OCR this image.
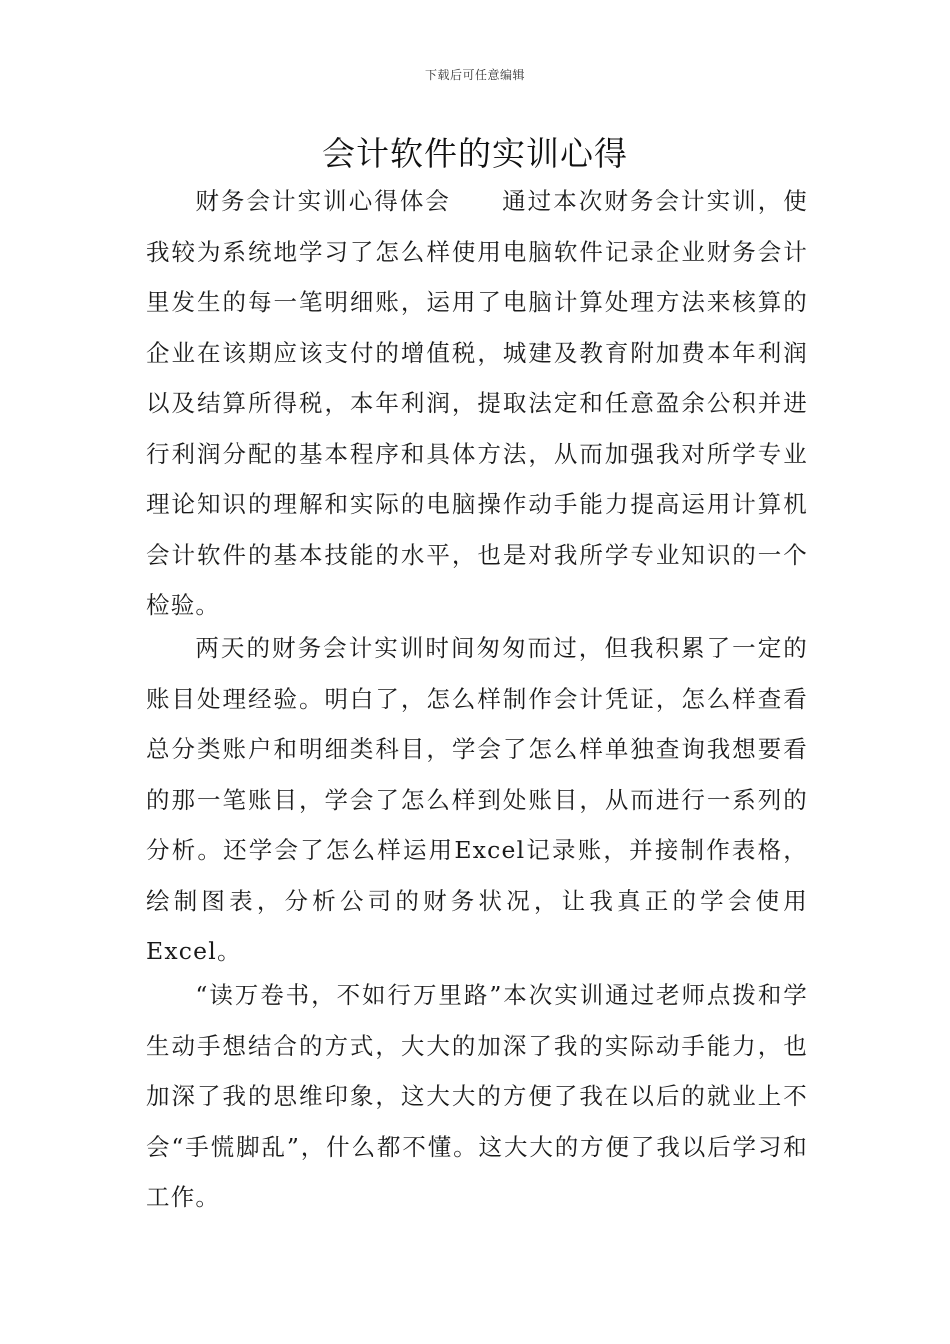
下载后可任意编辑
会计软件的实训心得

财务会计实训心得体会　　通过本次财务会计实训，使我较为系统地学习了怎么样使用电脑软件记录企业财务会计里发生的每一笔明细账，运用了电脑计算处理方法来核算的企业在该期应该支付的增值税，城建及教育附加费本年利润以及结算所得税，本年利润，提取法定和任意盈余公积并进行利润分配的基本程序和具体方法，从而加强我对所学专业理论知识的理解和实际的电脑操作动手能力提高运用计算机会计软件的基本技能的水平，也是对我所学专业知识的一个检验。

两天的财务会计实训时间匆匆而过，但我积累了一定的账目处理经验。明白了，怎么样制作会计凭证，怎么样查看总分类账户和明细类科目，学会了怎么样单独查询我想要看的那一笔账目，学会了怎么样到处账目，从而进行一系列的分析。还学会了怎么样运用Excel记录账，并接制作表格，绘制图表，分析公司的财务状况，让我真正的学会使用Excel。

“读万卷书，不如行万里路”本次实训通过老师点拨和学生动手想结合的方式，大大的加深了我的实际动手能力，也加深了我的思维印象，这大大的方便了我在以后的就业上不会“手慌脚乱”，什么都不懂。这大大的方便了我以后学习和工作。
